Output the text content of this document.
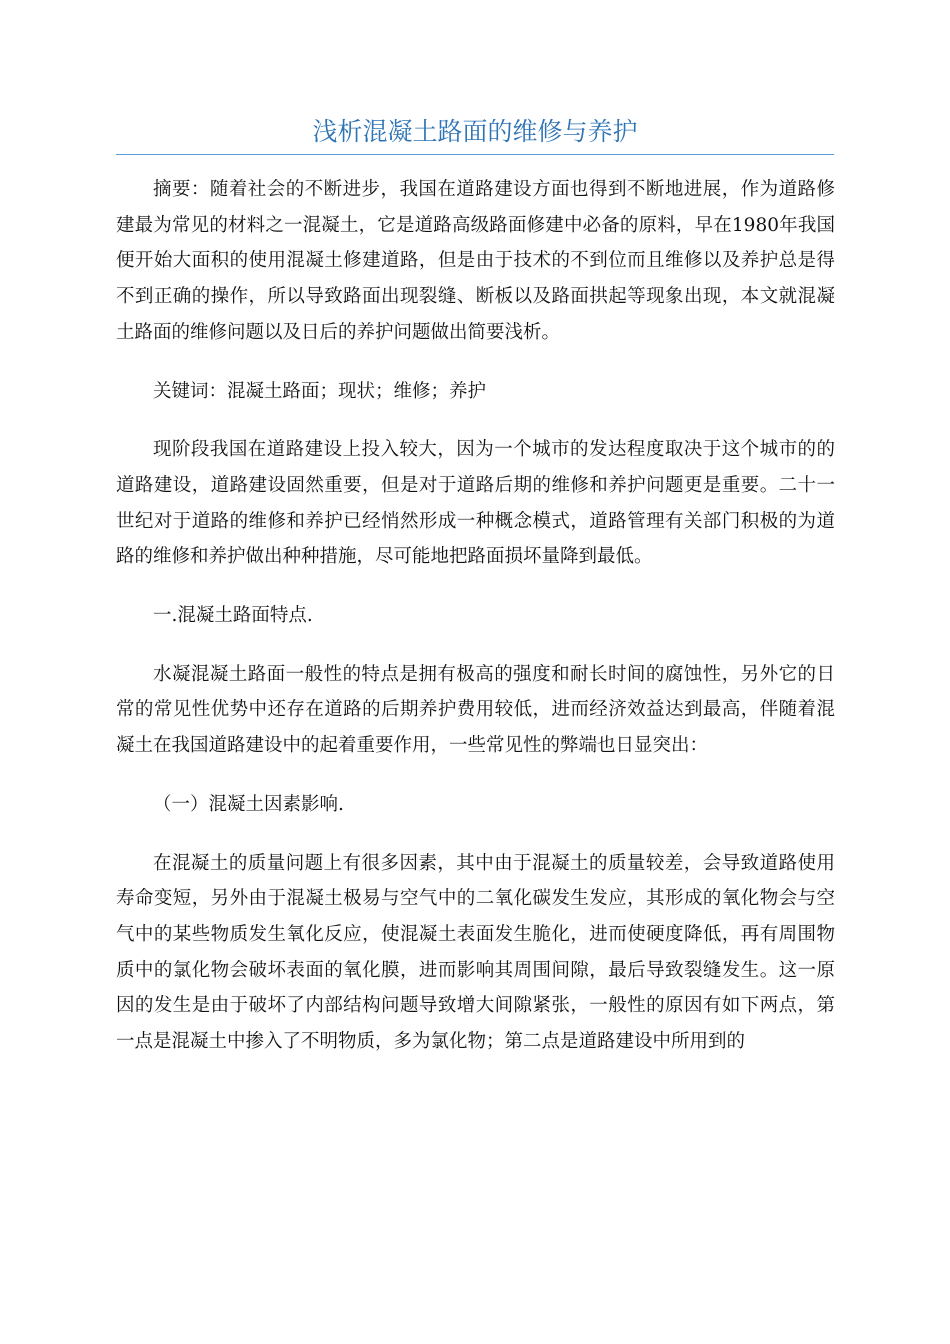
浅析混凝土路面的维修与养护

摘要：随着社会的不断进步，我国在道路建设方面也得到不断地进展，作为道路修建最为常见的材料之一混凝土，它是道路高级路面修建中必备的原料，早在1980年我国便开始大面积的使用混凝土修建道路，但是由于技术的不到位而且维修以及养护总是得不到正确的操作，所以导致路面出现裂缝、断板以及路面拱起等现象出现，本文就混凝土路面的维修问题以及日后的养护问题做出简要浅析。

关键词：混凝土路面；现状；维修；养护

现阶段我国在道路建设上投入较大，因为一个城市的发达程度取决于这个城市的的道路建设，道路建设固然重要，但是对于道路后期的维修和养护问题更是重要。二十一世纪对于道路的维修和养护已经悄然形成一种概念模式，道路管理有关部门积极的为道路的维修和养护做出种种措施，尽可能地把路面损坏量降到最低。

一.混凝土路面特点.

水凝混凝土路面一般性的特点是拥有极高的强度和耐长时间的腐蚀性，另外它的日常的常见性优势中还存在道路的后期养护费用较低，进而经济效益达到最高，伴随着混凝土在我国道路建设中的起着重要作用，一些常见性的弊端也日显突出：

（一）混凝土因素影响.

在混凝土的质量问题上有很多因素，其中由于混凝土的质量较差，会导致道路使用寿命变短，另外由于混凝土极易与空气中的二氧化碳发生发应，其形成的氧化物会与空气中的某些物质发生氧化反应，使混凝土表面发生脆化，进而使硬度降低，再有周围物质中的氯化物会破坏表面的氧化膜，进而影响其周围间隙，最后导致裂缝发生。这一原因的发生是由于破坏了内部结构问题导致增大间隙紧张，一般性的原因有如下两点，第一点是混凝土中掺入了不明物质，多为氯化物；第二点是道路建设中所用到的
